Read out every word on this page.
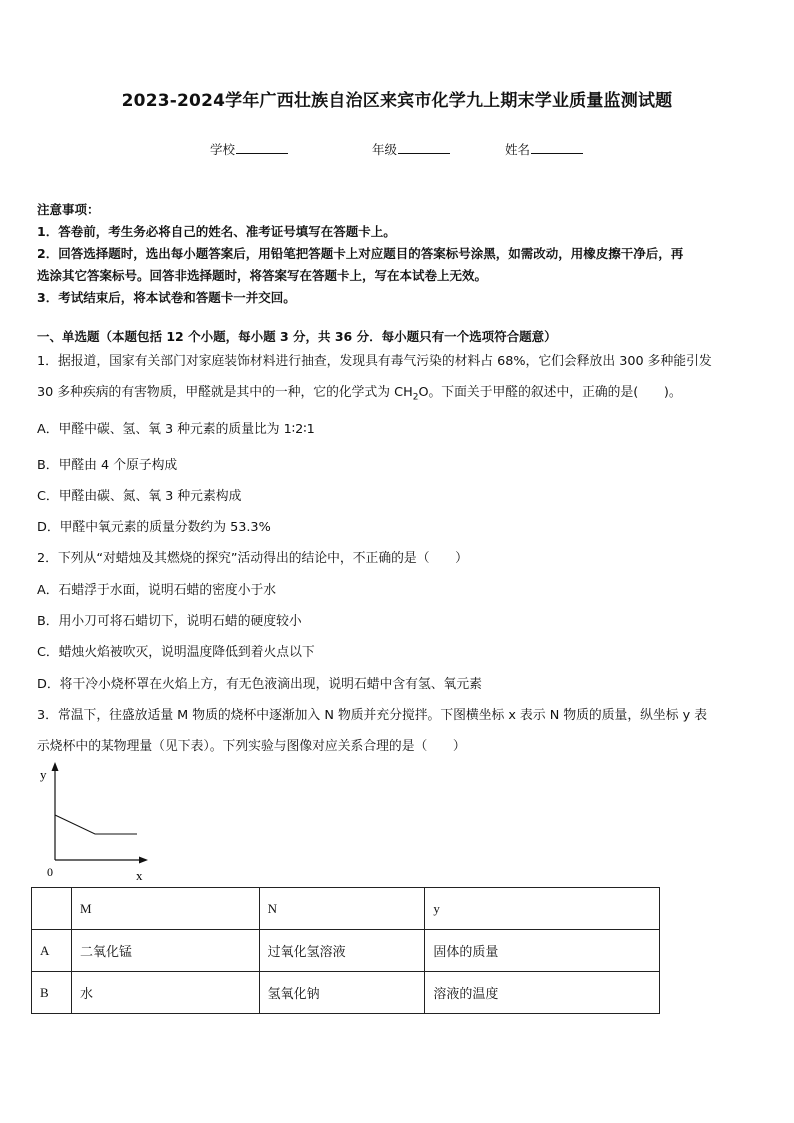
2023-2024学年广西壮族自治区来宾市化学九上期末学业质量监测试题
学校	年级	姓名
注意事项：
1．答卷前，考生务必将自己的姓名、准考证号填写在答题卡上。
2．回答选择题时，选出每小题答案后，用铅笔把答题卡上对应题目的答案标号涂黑，如需改动，用橡皮擦干净后，再
选涂其它答案标号。回答非选择题时，将答案写在答题卡上，写在本试卷上无效。
3．考试结束后，将本试卷和答题卡一并交回。
一、单选题（本题包括 12 个小题，每小题 3 分，共 36 分．每小题只有一个选项符合题意）
1．据报道，国家有关部门对家庭装饰材料进行抽查，发现具有毒气污染的材料占 68%，它们会释放出 300 多种能引发
30 多种疾病的有害物质，甲醛就是其中的一种，它的化学式为 $CH_2O$。下面关于甲醛的叙述中，正确的是(　　)。
A．甲醛中碳、氢、氧 3 种元素的质量比为 1∶2∶1
B．甲醛由 4 个原子构成
C．甲醛由碳、氮、氧 3 种元素构成
D．甲醛中氧元素的质量分数约为 53.3%
2．下列从“对蜡烛及其燃烧的探究”活动得出的结论中，不正确的是（　　）
A．石蜡浮于水面，说明石蜡的密度小于水
B．用小刀可将石蜡切下，说明石蜡的硬度较小
C．蜡烛火焰被吹灭，说明温度降低到着火点以下
D．将干冷小烧杯罩在火焰上方，有无色液滴出现，说明石蜡中含有氢、氧元素
3．常温下，往盛放适量 M 物质的烧杯中逐渐加入 N 物质并充分搅拌。下图横坐标 x 表示 N 物质的质量，纵坐标 y 表
示烧杯中的某物理量（见下表）。下列实验与图像对应关系合理的是（　　）
y
x
0
	M	N	y
A	二氧化锰	过氧化氢溶液	固体的质量
B	水	氢氧化钠	溶液的温度
